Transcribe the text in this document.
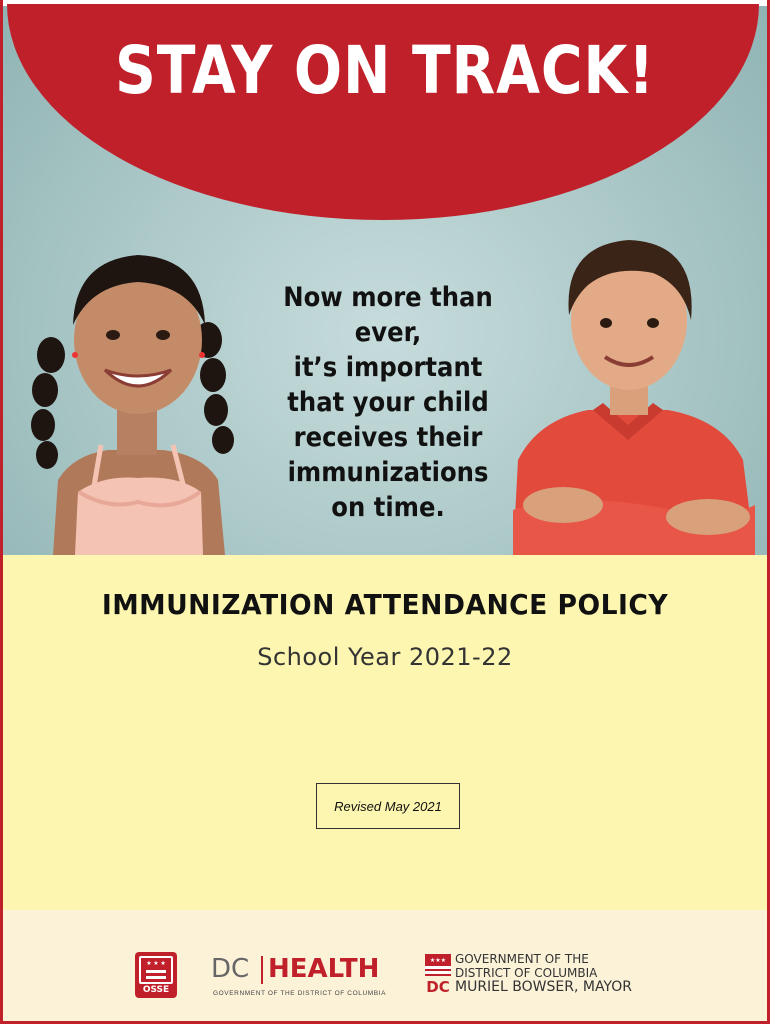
STAY ON TRACK!
Now more than ever,
it’s important
that your child
receives their
immunizations
on time.
IMMUNIZATION ATTENDANCE POLICY
School Year 2021-22
Revised May 2021
★ ★ ★
OSSE
DC HEALTH
GOVERNMENT OF THE DISTRICT OF COLUMBIA
★★★
DC
GOVERNMENT OF THE
DISTRICT OF COLUMBIA
MURIEL BOWSER, MAYOR
